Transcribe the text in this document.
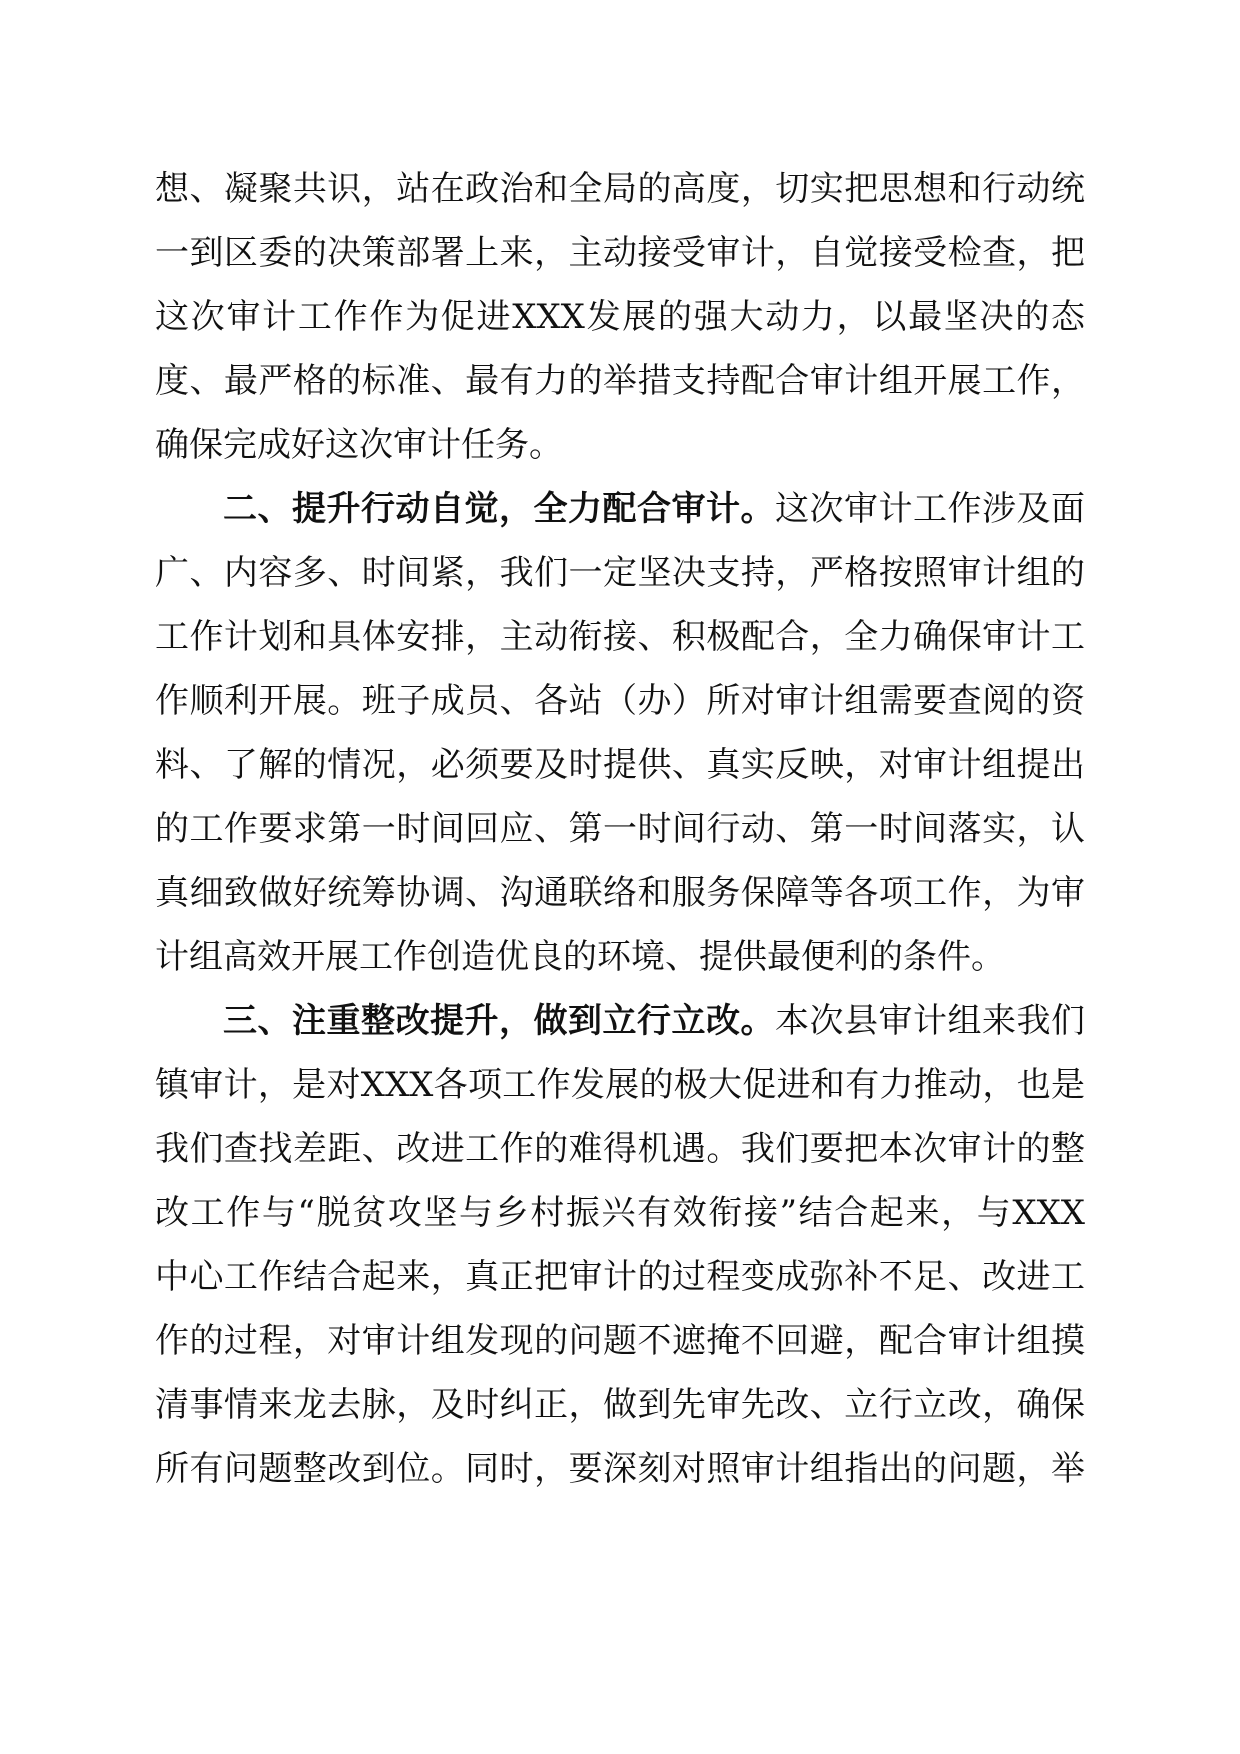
想、凝聚共识，站在政治和全局的高度，切实把思想和行动统
一到区委的决策部署上来，主动接受审计，自觉接受检查，把
这次审计工作作为促进XXX发展的强大动力，以最坚决的态
度、最严格的标准、最有力的举措支持配合审计组开展工作，
确保完成好这次审计任务。
二、提升行动自觉，全力配合审计。这次审计工作涉及面
广、内容多、时间紧，我们一定坚决支持，严格按照审计组的
工作计划和具体安排，主动衔接、积极配合，全力确保审计工
作顺利开展。班子成员、各站（办）所对审计组需要查阅的资
料、了解的情况，必须要及时提供、真实反映，对审计组提出
的工作要求第一时间回应、第一时间行动、第一时间落实，认
真细致做好统筹协调、沟通联络和服务保障等各项工作，为审
计组高效开展工作创造优良的环境、提供最便利的条件。
三、注重整改提升，做到立行立改。本次县审计组来我们
镇审计，是对XXX各项工作发展的极大促进和有力推动，也是
我们查找差距、改进工作的难得机遇。我们要把本次审计的整
改工作与“脱贫攻坚与乡村振兴有效衔接”结合起来，与XXX
中心工作结合起来，真正把审计的过程变成弥补不足、改进工
作的过程，对审计组发现的问题不遮掩不回避，配合审计组摸
清事情来龙去脉，及时纠正，做到先审先改、立行立改，确保
所有问题整改到位。同时，要深刻对照审计组指出的问题，举
